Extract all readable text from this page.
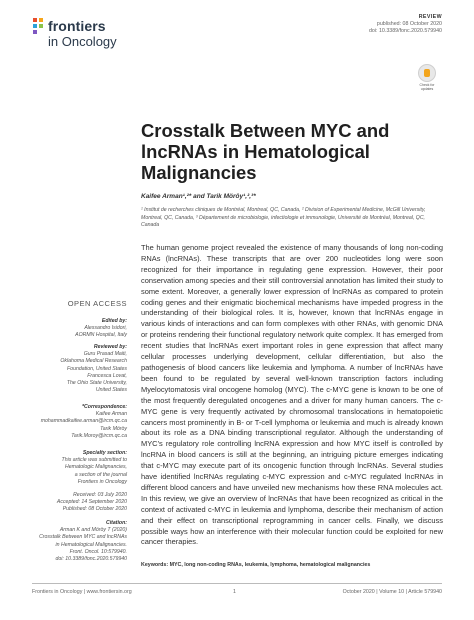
frontiers
in Oncology
REVIEW
published: 08 October 2020
doi: 10.3389/fonc.2020.579940
Check for updates
Crosstalk Between MYC and lncRNAs in Hematological Malignancies
Kaifee Arman¹,²* and Tarik Möröy¹,²,³*
¹ Institut de recherches cliniques de Montréal, Montreal, QC, Canada, ² Division of Experimental Medicine, McGill University, Montreal, QC, Canada, ³ Département de microbiologie, infectiologie et immunologie, Université de Montréal, Montreal, QC, Canada
The human genome project revealed the existence of many thousands of long non-coding RNAs (lncRNAs). These transcripts that are over 200 nucleotides long were soon recognized for their importance in regulating gene expression. However, their poor conservation among species and their still controversial annotation has limited their study to some extent. Moreover, a generally lower expression of lncRNAs as compared to protein coding genes and their enigmatic biochemical mechanisms have impeded progress in the understanding of their biological roles. It is, however, known that lncRNAs engage in various kinds of interactions and can form complexes with other RNAs, with genomic DNA or proteins rendering their functional regulatory network quite complex. It has emerged from recent studies that lncRNAs exert important roles in gene expression that affect many cellular processes underlying development, cellular differentiation, but also the pathogenesis of blood cancers like leukemia and lymphoma. A number of lncRNAs have been found to be regulated by several well-known transcription factors including Myelocytomatosis viral oncogene homolog (MYC). The c-MYC gene is known to be one of the most frequently deregulated oncogenes and a driver for many human cancers. The c-MYC gene is very frequently activated by chromosomal translocations in hematopoietic cancers most prominently in B- or T-cell lymphoma or leukemia and much is already known about its role as a DNA binding transcriptional regulator. Although the understanding of MYC’s regulatory role controlling lncRNA expression and how MYC itself is controlled by lncRNA in blood cancers is still at the beginning, an intriguing picture emerges indicating that c-MYC may execute part of its oncogenic function through lncRNAs. Several studies have identified lncRNAs regulating c-MYC expression and c-MYC regulated lncRNAs in different blood cancers and have unveiled new mechanisms how these RNA molecules act. In this review, we give an overview of lncRNAs that have been recognized as critical in the context of activated c-MYC in leukemia and lymphoma, describe their mechanism of action and their effect on transcriptional reprogramming in cancer cells. Finally, we discuss possible ways how an interference with their molecular function could be exploited for new cancer therapies.
Keywords: MYC, long non-coding RNAs, leukemia, lymphoma, hematological malignancies
OPEN ACCESS
Edited by:
Alessandro Isidori,
AORMN Hospital, Italy
Reviewed by:
Guru Prasad Maiti,
Oklahoma Medical Research
Foundation, United States
Francesca Lovat,
The Ohio State University,
United States
*Correspondence:
Kaifee Arman
mohammadkaifee.arman@ircm.qc.ca
Tarik Möröy
Tarik.Moroy@ircm.qc.ca
Specialty section:
This article was submitted to
Hematologic Malignancies,
a section of the journal
Frontiers in Oncology
Received: 03 July 2020
Accepted: 14 September 2020
Published: 08 October 2020
Citation:
Arman K and Möröy T (2020)
Crosstalk Between MYC and lncRNAs
in Hematological Malignancies.
Front. Oncol. 10:579940.
doi: 10.3389/fonc.2020.579940
Frontiers in Oncology | www.frontiersin.org	1	October 2020 | Volume 10 | Article 579940
